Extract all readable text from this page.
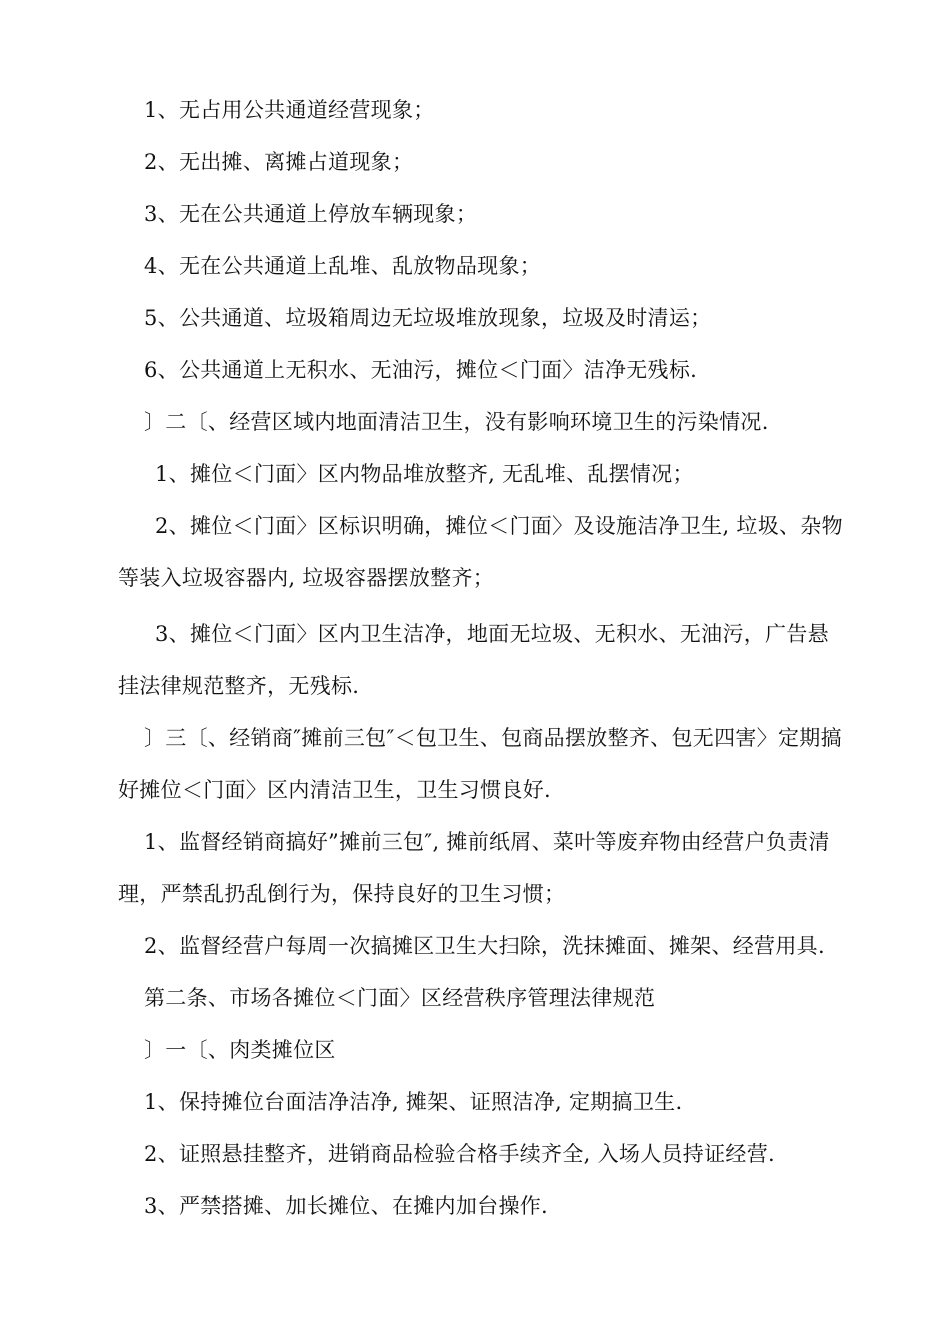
1、无占用公共通道经营现象；

2、无出摊、离摊占道现象；

3、无在公共通道上停放车辆现象；

4、无在公共通道上乱堆、乱放物品现象；

5、公共通道、垃圾箱周边无垃圾堆放现象，垃圾及时清运；

6、公共通道上无积水、无油污，摊位＜门面〉洁净无残标.

〕二〔、经营区域内地面清洁卫生，没有影响环境卫生的污染情况.

1、摊位＜门面〉区内物品堆放整齐, 无乱堆、乱摆情况；

2、摊位＜门面〉区标识明确，摊位＜门面〉及设施洁净卫生, 垃圾、杂物

等装入垃圾容器内, 垃圾容器摆放整齐；

3、摊位＜门面〉区内卫生洁净，地面无垃圾、无积水、无油污，广告悬

挂法律规范整齐，无残标.

〕三〔、经销商″摊前三包″＜包卫生、包商品摆放整齐、包无四害〉定期搞

好摊位＜门面〉区内清洁卫生，卫生习惯良好.

1、监督经销商搞好”摊前三包″, 摊前纸屑、菜叶等废弃物由经营户负责清

理，严禁乱扔乱倒行为，保持良好的卫生习惯；

2、监督经营户每周一次搞摊区卫生大扫除，洗抹摊面、摊架、经营用具.

第二条、市场各摊位＜门面〉区经营秩序管理法律规范

〕一〔、肉类摊位区

1、保持摊位台面洁净洁净, 摊架、证照洁净, 定期搞卫生.

2、证照悬挂整齐，进销商品检验合格手续齐全, 入场人员持证经营.

3、严禁搭摊、加长摊位、在摊内加台操作.
